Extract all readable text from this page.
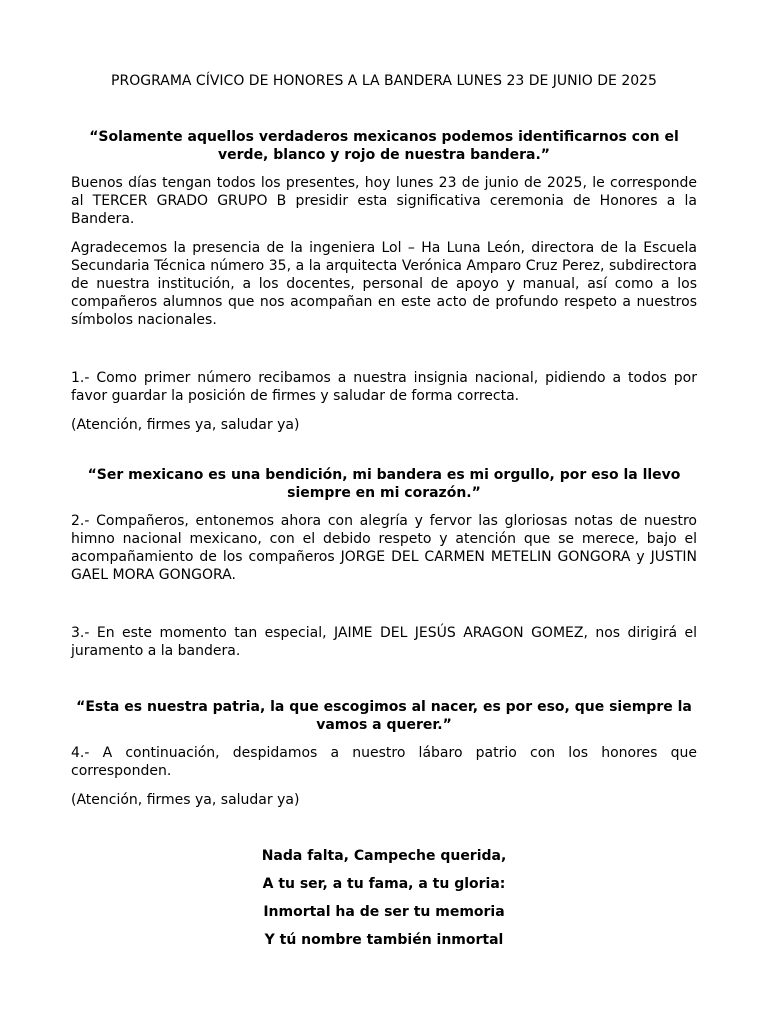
PROGRAMA CÍVICO DE HONORES A LA BANDERA LUNES 23 DE JUNIO DE 2025
“Solamente aquellos verdaderos mexicanos podemos identificarnos con el verde, blanco y rojo de nuestra bandera.”

Buenos días tengan todos los presentes, hoy lunes 23 de junio de 2025, le corresponde al TERCER GRADO GRUPO B presidir esta significativa ceremonia de Honores a la Bandera.

Agradecemos la presencia de la ingeniera Lol – Ha Luna León, directora de la Escuela Secundaria Técnica número 35, a la arquitecta Verónica Amparo Cruz Perez, subdirectora de nuestra institución, a los docentes, personal de apoyo y manual, así como a los compañeros alumnos que nos acompañan en este acto de profundo respeto a nuestros símbolos nacionales.

1.- Como primer número recibamos a nuestra insignia nacional, pidiendo a todos por favor guardar la posición de firmes y saludar de forma correcta.

(Atención, firmes ya, saludar ya)

“Ser mexicano es una bendición, mi bandera es mi orgullo, por eso la llevo siempre en mi corazón.”

2.- Compañeros, entonemos ahora con alegría y fervor las gloriosas notas de nuestro himno nacional mexicano, con el debido respeto y atención que se merece, bajo el acompañamiento de los compañeros JORGE DEL CARMEN METELIN GONGORA y JUSTIN GAEL MORA GONGORA.

3.- En este momento tan especial, JAIME DEL JESÚS ARAGON GOMEZ, nos dirigirá el juramento a la bandera.

“Esta es nuestra patria, la que escogimos al nacer, es por eso, que siempre la vamos a querer.”

4.- A continuación, despidamos a nuestro lábaro patrio con los honores que corresponden.

(Atención, firmes ya, saludar ya)

Nada falta, Campeche querida,
A tu ser, a tu fama, a tu gloria:
Inmortal ha de ser tu memoria
Y tú nombre también inmortal
